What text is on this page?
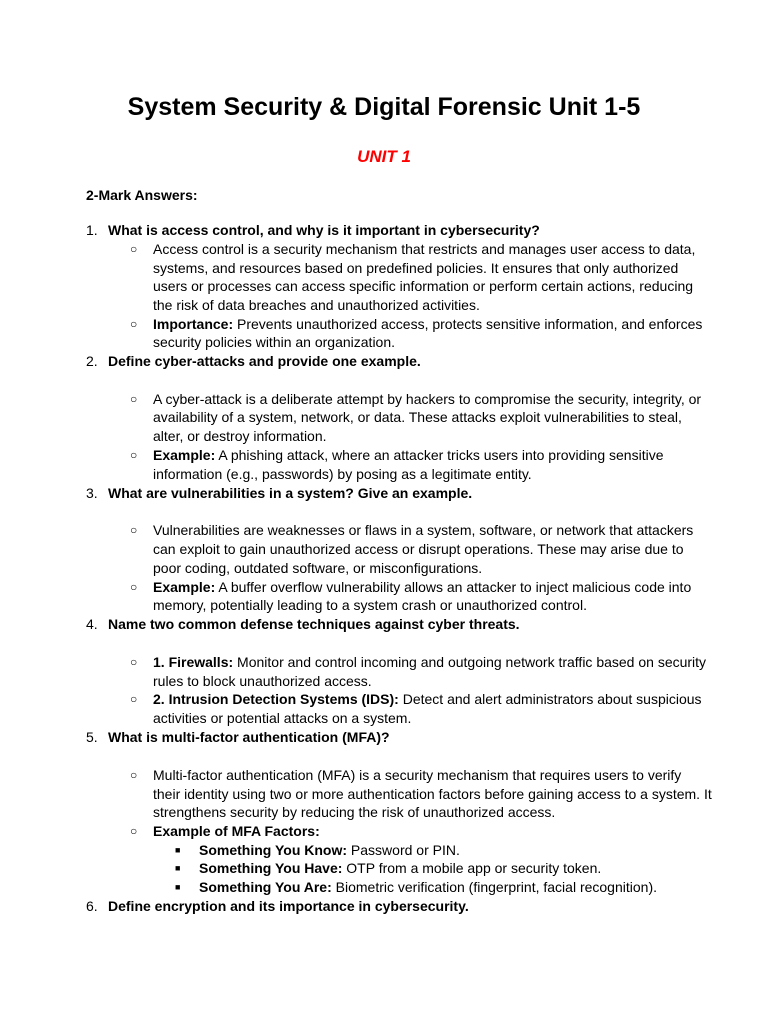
System Security & Digital Forensic Unit 1-5
UNIT 1
2-Mark Answers:
1. What is access control, and why is it important in cybersecurity?
○ Access control is a security mechanism that restricts and manages user access to data,
systems, and resources based on predefined policies. It ensures that only authorized
users or processes can access specific information or perform certain actions, reducing
the risk of data breaches and unauthorized activities.
○ Importance: Prevents unauthorized access, protects sensitive information, and enforces
security policies within an organization.
2. Define cyber-attacks and provide one example.
○ A cyber-attack is a deliberate attempt by hackers to compromise the security, integrity, or
availability of a system, network, or data. These attacks exploit vulnerabilities to steal,
alter, or destroy information.
○ Example: A phishing attack, where an attacker tricks users into providing sensitive
information (e.g., passwords) by posing as a legitimate entity.
3. What are vulnerabilities in a system? Give an example.
○ Vulnerabilities are weaknesses or flaws in a system, software, or network that attackers
can exploit to gain unauthorized access or disrupt operations. These may arise due to
poor coding, outdated software, or misconfigurations.
○ Example: A buffer overflow vulnerability allows an attacker to inject malicious code into
memory, potentially leading to a system crash or unauthorized control.
4. Name two common defense techniques against cyber threats.
○ 1. Firewalls: Monitor and control incoming and outgoing network traffic based on security
rules to block unauthorized access.
○ 2. Intrusion Detection Systems (IDS): Detect and alert administrators about suspicious
activities or potential attacks on a system.
5. What is multi-factor authentication (MFA)?
○ Multi-factor authentication (MFA) is a security mechanism that requires users to verify
their identity using two or more authentication factors before gaining access to a system. It
strengthens security by reducing the risk of unauthorized access.
○ Example of MFA Factors:
■ Something You Know: Password or PIN.
■ Something You Have: OTP from a mobile app or security token.
■ Something You Are: Biometric verification (fingerprint, facial recognition).
6. Define encryption and its importance in cybersecurity.
